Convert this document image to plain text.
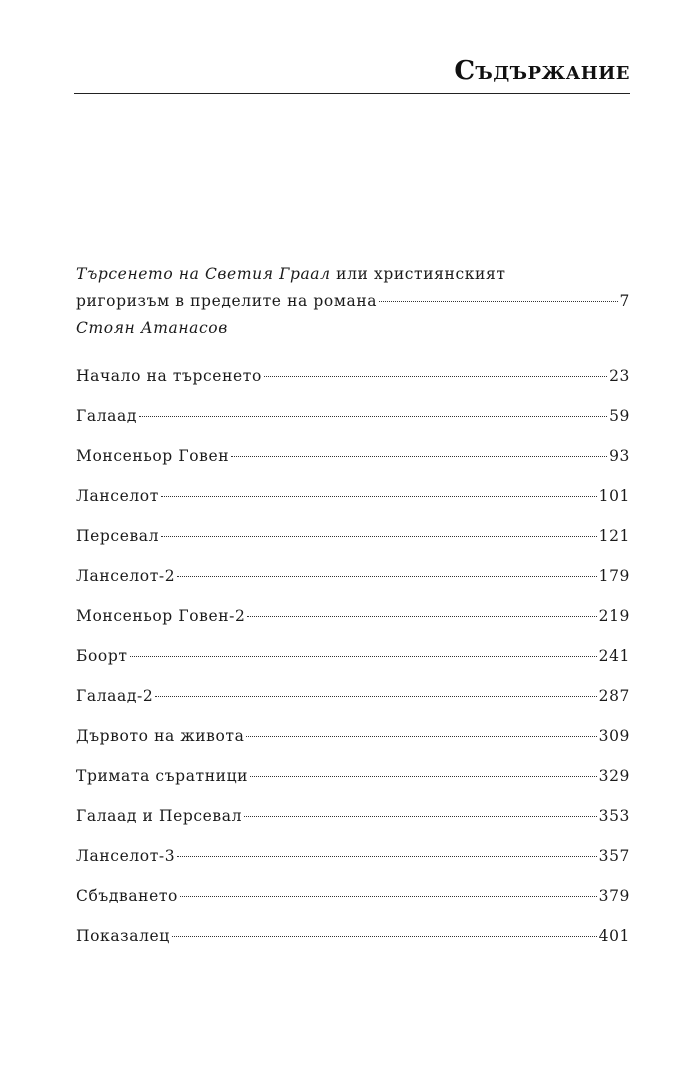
Съдържание
Търсенето на Светия Граал или християнският
ригоризъм в пределите на романа	7
Стоян Атанасов
Начало на търсенето	23
Галаад	59
Монсеньор Говен	93
Ланселот	101
Персевал	121
Ланселот-2	179
Монсеньор Говен-2	219
Боорт	241
Галаад-2	287
Дървото на живота	309
Тримата съратници	329
Галаад и Персевал	353
Ланселот-3	357
Сбъдването	379
Показалец	401
